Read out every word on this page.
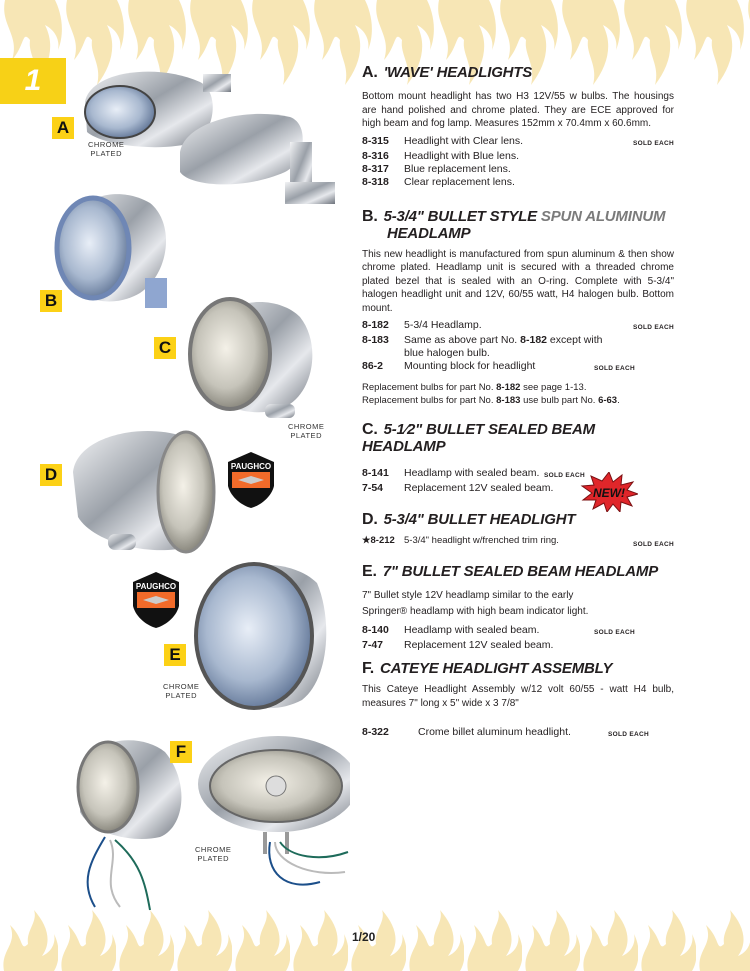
1
A
CHROME
PLATED
B
C
CHROME
PLATED
D	PAUGHCO
PAUGHCO
E
CHROME
PLATED
F
CHROME
PLATED
NEW!
A. 'WAVE' HEADLIGHTS

Bottom mount headlight has two H3 12V/55 w bulbs. The housings are hand polished and chrome plated. They are ECE approved for high beam and fog lamp. Measures 152mm x 70.4mm x 60.6mm.

8-315	Headlight with Clear lens.	SOLD EACH
8-316	Headlight with Blue lens.
8-317	Blue replacement lens.
8-318	Clear replacement lens.
B. 5-3/4" BULLET STYLE SPUN ALUMINUM
HEADLAMP

This new headlight is manufactured from spun aluminum & then show chrome plated. Headlamp unit is secured with a threaded chrome plated bezel that is sealed with an O-ring. Complete with 5-3/4" halogen headlight unit and 12V, 60/55 watt, H4 halogen bulb. Bottom mount.

8-182	5-3/4 Headlamp.	SOLD EACH
8-183	Same as above part No. 8-182 except with blue halogen bulb.
86-2	Mounting block for headlight	SOLD EACH
Replacement bulbs for part No. 8-182 see page 1-13.
Replacement bulbs for part No. 8-183 use bulb part No. 6-63.
C. 5-1⁄2" BULLET SEALED BEAM HEADLAMP
8-141	Headlamp with sealed beam. SOLD EACH
7-54	Replacement 12V sealed beam.
D. 5-3/4" BULLET HEADLIGHT
★8-212 5-3/4" headlight w/frenched trim ring.	SOLD EACH
E. 7" BULLET SEALED BEAM HEADLAMP

7" Bullet style 12V headlamp similar to the early Springer® headlamp with high beam indicator light.

8-140	Headlamp with sealed beam.	SOLD EACH
7-47	Replacement 12V sealed beam.
F. CATEYE HEADLIGHT ASSEMBLY

This Cateye Headlight Assembly w/12 volt 60/55 - watt H4 bulb, measures 7" long x 5" wide x 3 7/8"

8-322	Crome billet aluminum headlight.	SOLD EACH
1/20
